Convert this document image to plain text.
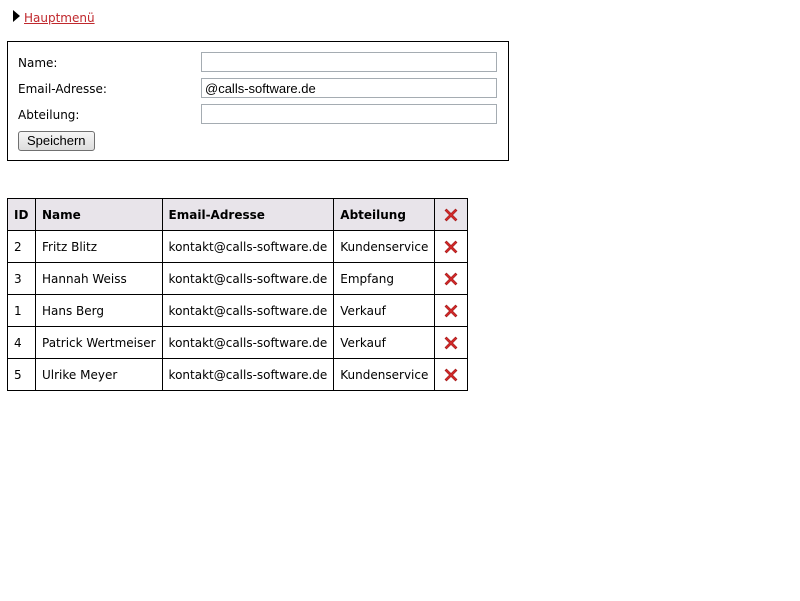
Hauptmenü
Name:
Email-Adresse:
@calls-software.de
Abteilung:
Speichern
ID	Name	Email-Adresse	Abteilung	
2	Fritz Blitz	kontakt@calls-software.de	Kundenservice	
3	Hannah Weiss	kontakt@calls-software.de	Empfang	
1	Hans Berg	kontakt@calls-software.de	Verkauf	
4	Patrick Wertmeiser	kontakt@calls-software.de	Verkauf	
5	Ulrike Meyer	kontakt@calls-software.de	Kundenservice	
